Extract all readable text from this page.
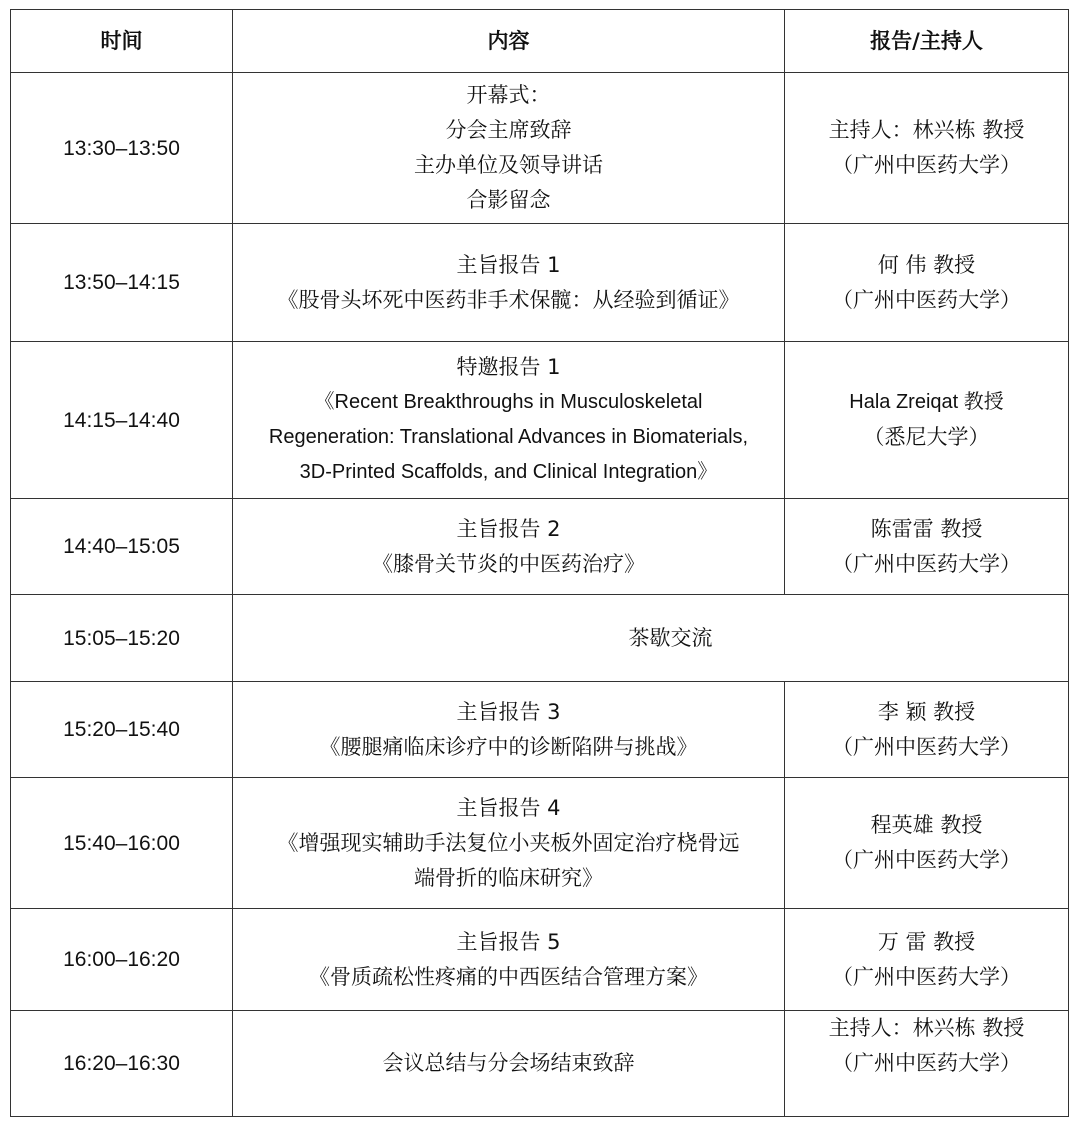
时间	内容	报告/主持人
13:30–13:50	开幕式：
分会主席致辞
主办单位及领导讲话
合影留念	主持人：林兴栋 教授
（广州中医药大学）

13:50–14:15	主旨报告 1
《股骨头坏死中医药非手术保髋：从经验到循证》	何 伟 教授
（广州中医药大学）

14:15–14:40	特邀报告 1
《Recent Breakthroughs in Musculoskeletal
Regeneration: Translational Advances in Biomaterials,
3D-Printed Scaffolds, and Clinical Integration》	Hala Zreiqat 教授
（悉尼大学）

14:40–15:05	主旨报告 2
《膝骨关节炎的中医药治疗》	陈雷雷 教授
（广州中医药大学）

15:05–15:20	茶歇交流	

15:20–15:40	主旨报告 3
《腰腿痛临床诊疗中的诊断陷阱与挑战》	李 颖 教授
（广州中医药大学）

15:40–16:00	主旨报告 4
《增强现实辅助手法复位小夹板外固定治疗桡骨远
端骨折的临床研究》	程英雄 教授
（广州中医药大学）

16:00–16:20	主旨报告 5
《骨质疏松性疼痛的中西医结合管理方案》	万 雷 教授
（广州中医药大学）

16:20–16:30	会议总结与分会场结束致辞	主持人：林兴栋 教授
（广州中医药大学）
